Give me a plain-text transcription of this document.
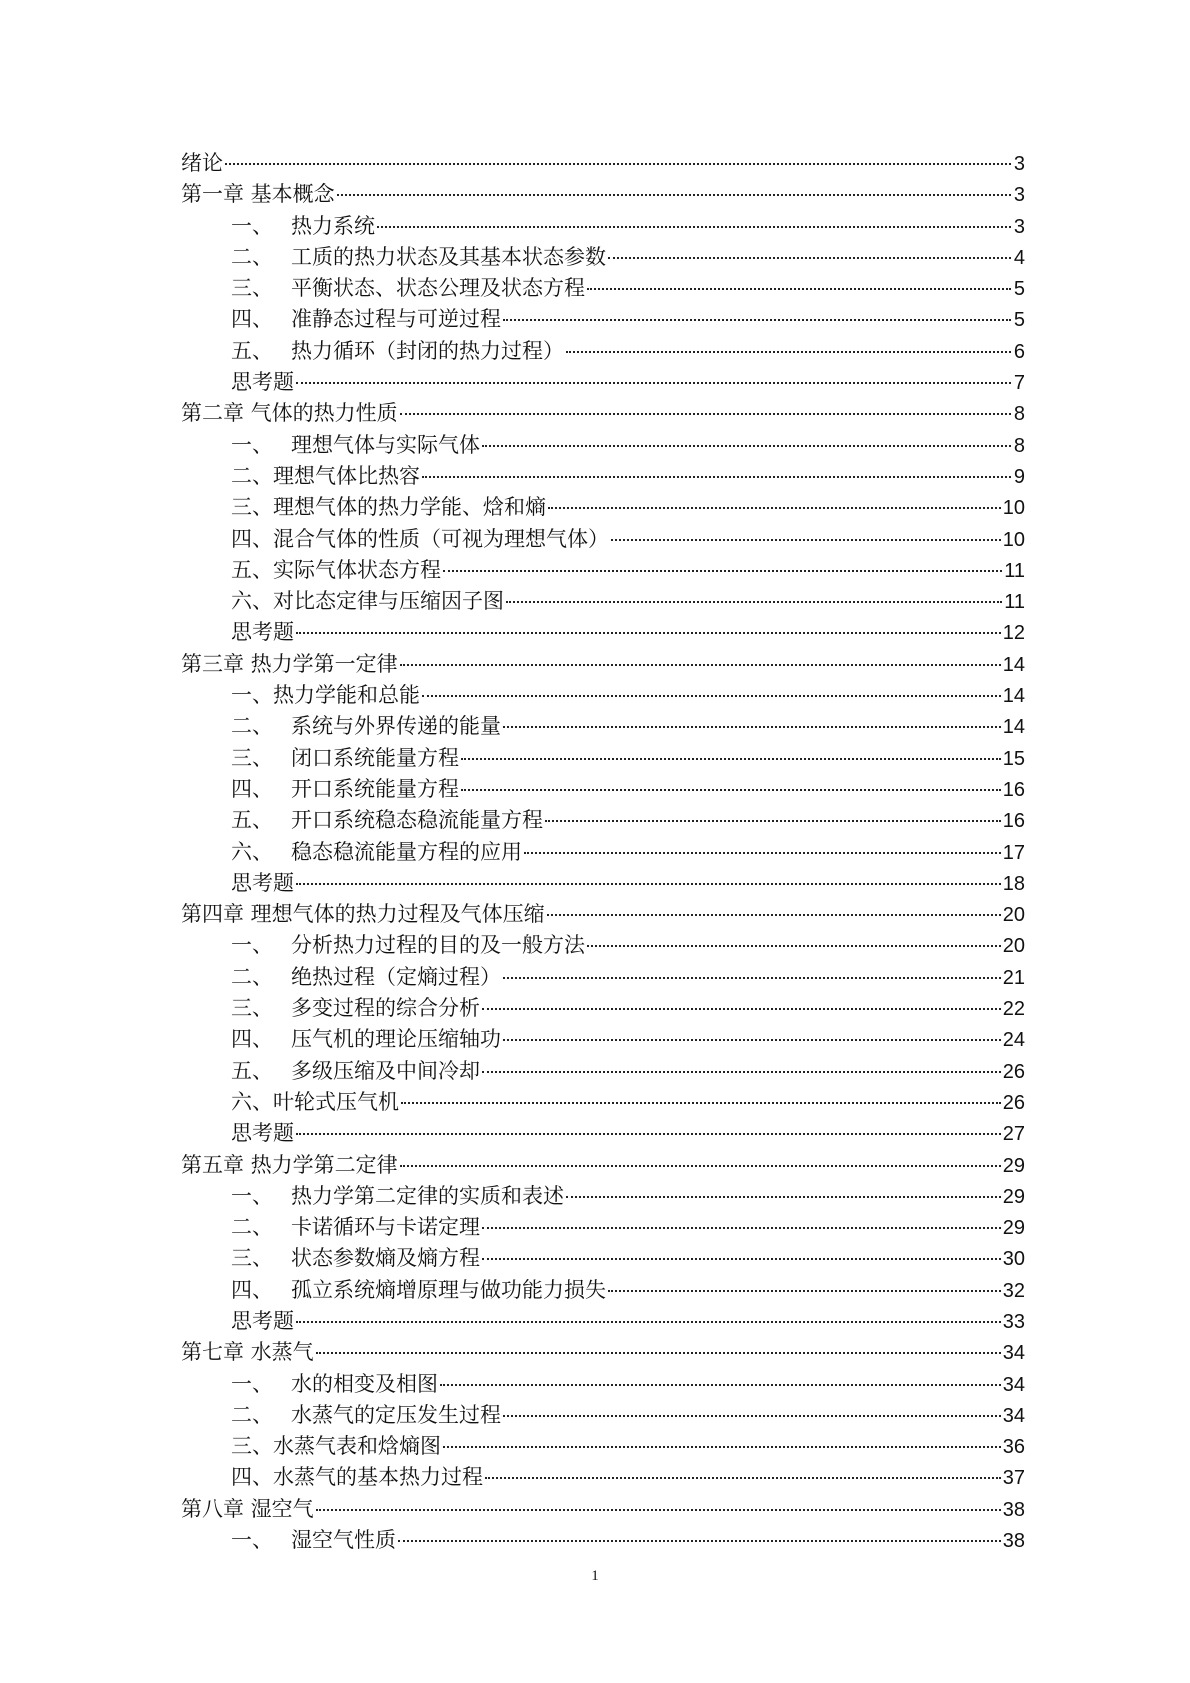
绪论	3
第一章 基本概念	3
一、 热力系统	3
二、 工质的热力状态及其基本状态参数	4
三、 平衡状态、状态公理及状态方程	5
四、 准静态过程与可逆过程	5
五、 热力循环（封闭的热力过程）	6
思考题	7
第二章 气体的热力性质	8
一、 理想气体与实际气体	8
二、理想气体比热容	9
三、理想气体的热力学能、焓和熵	10
四、混合气体的性质（可视为理想气体）	10
五、实际气体状态方程	11
六、对比态定律与压缩因子图	11
思考题	12
第三章 热力学第一定律	14
一、热力学能和总能	14
二、 系统与外界传递的能量	14
三、 闭口系统能量方程	15
四、 开口系统能量方程	16
五、 开口系统稳态稳流能量方程	16
六、 稳态稳流能量方程的应用	17
思考题	18
第四章 理想气体的热力过程及气体压缩	20
一、 分析热力过程的目的及一般方法	20
二、 绝热过程（定熵过程）	21
三、 多变过程的综合分析	22
四、 压气机的理论压缩轴功	24
五、 多级压缩及中间冷却	26
六、叶轮式压气机	26
思考题	27
第五章 热力学第二定律	29
一、 热力学第二定律的实质和表述	29
二、 卡诺循环与卡诺定理	29
三、 状态参数熵及熵方程	30
四、 孤立系统熵增原理与做功能力损失	32
思考题	33
第七章 水蒸气	34
一、 水的相变及相图	34
二、 水蒸气的定压发生过程	34
三、水蒸气表和焓熵图	36
四、水蒸气的基本热力过程	37
第八章 湿空气	38
一、 湿空气性质	38
1
